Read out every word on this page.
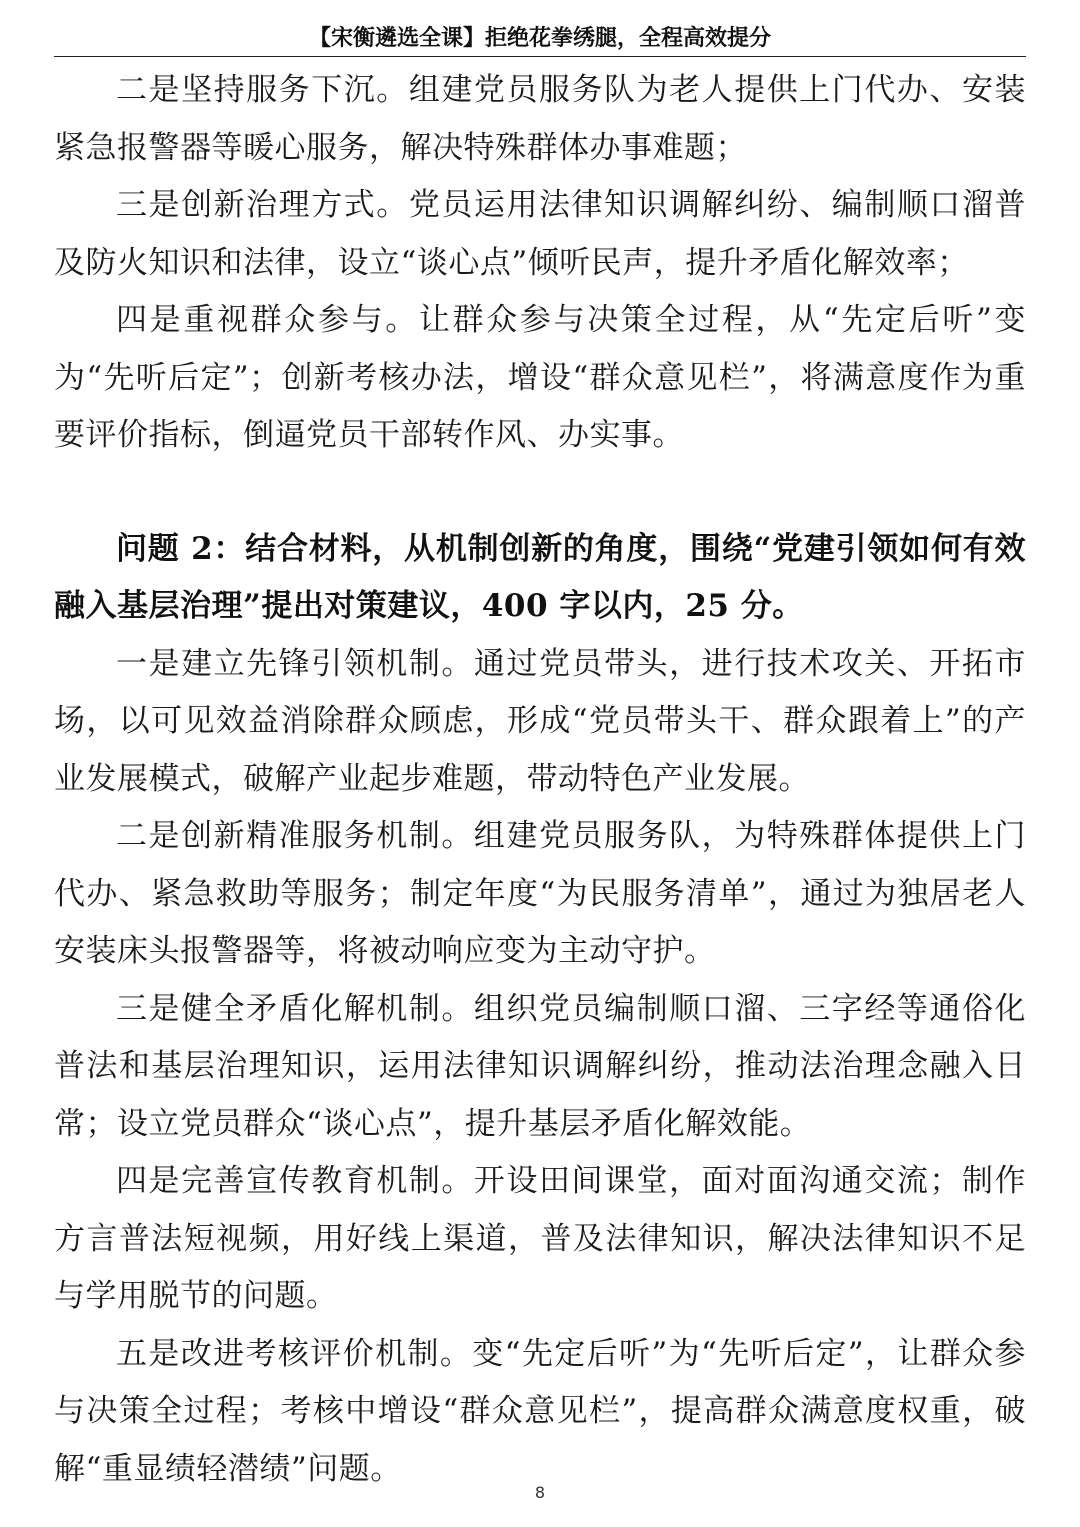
【宋衡遴选全课】拒绝花拳绣腿，全程高效提分

二是坚持服务下沉。组建党员服务队为老人提供上门代办、安装紧急报警器等暖心服务，解决特殊群体办事难题；

三是创新治理方式。党员运用法律知识调解纠纷、编制顺口溜普及防火知识和法律，设立“谈心点”倾听民声，提升矛盾化解效率；

四是重视群众参与。让群众参与决策全过程，从“先定后听”变为“先听后定”；创新考核办法，增设“群众意见栏”，将满意度作为重要评价指标，倒逼党员干部转作风、办实事。

问题 2：结合材料，从机制创新的角度，围绕“党建引领如何有效融入基层治理”提出对策建议，400 字以内，25 分。

一是建立先锋引领机制。通过党员带头，进行技术攻关、开拓市场，以可见效益消除群众顾虑，形成“党员带头干、群众跟着上”的产业发展模式，破解产业起步难题，带动特色产业发展。

二是创新精准服务机制。组建党员服务队，为特殊群体提供上门代办、紧急救助等服务；制定年度“为民服务清单”，通过为独居老人安装床头报警器等，将被动响应变为主动守护。

三是健全矛盾化解机制。组织党员编制顺口溜、三字经等通俗化普法和基层治理知识，运用法律知识调解纠纷，推动法治理念融入日常；设立党员群众“谈心点”，提升基层矛盾化解效能。

四是完善宣传教育机制。开设田间课堂，面对面沟通交流；制作方言普法短视频，用好线上渠道，普及法律知识，解决法律知识不足与学用脱节的问题。

五是改进考核评价机制。变“先定后听”为“先听后定”，让群众参与决策全过程；考核中增设“群众意见栏”，提高群众满意度权重，破解“重显绩轻潜绩”问题。

8
